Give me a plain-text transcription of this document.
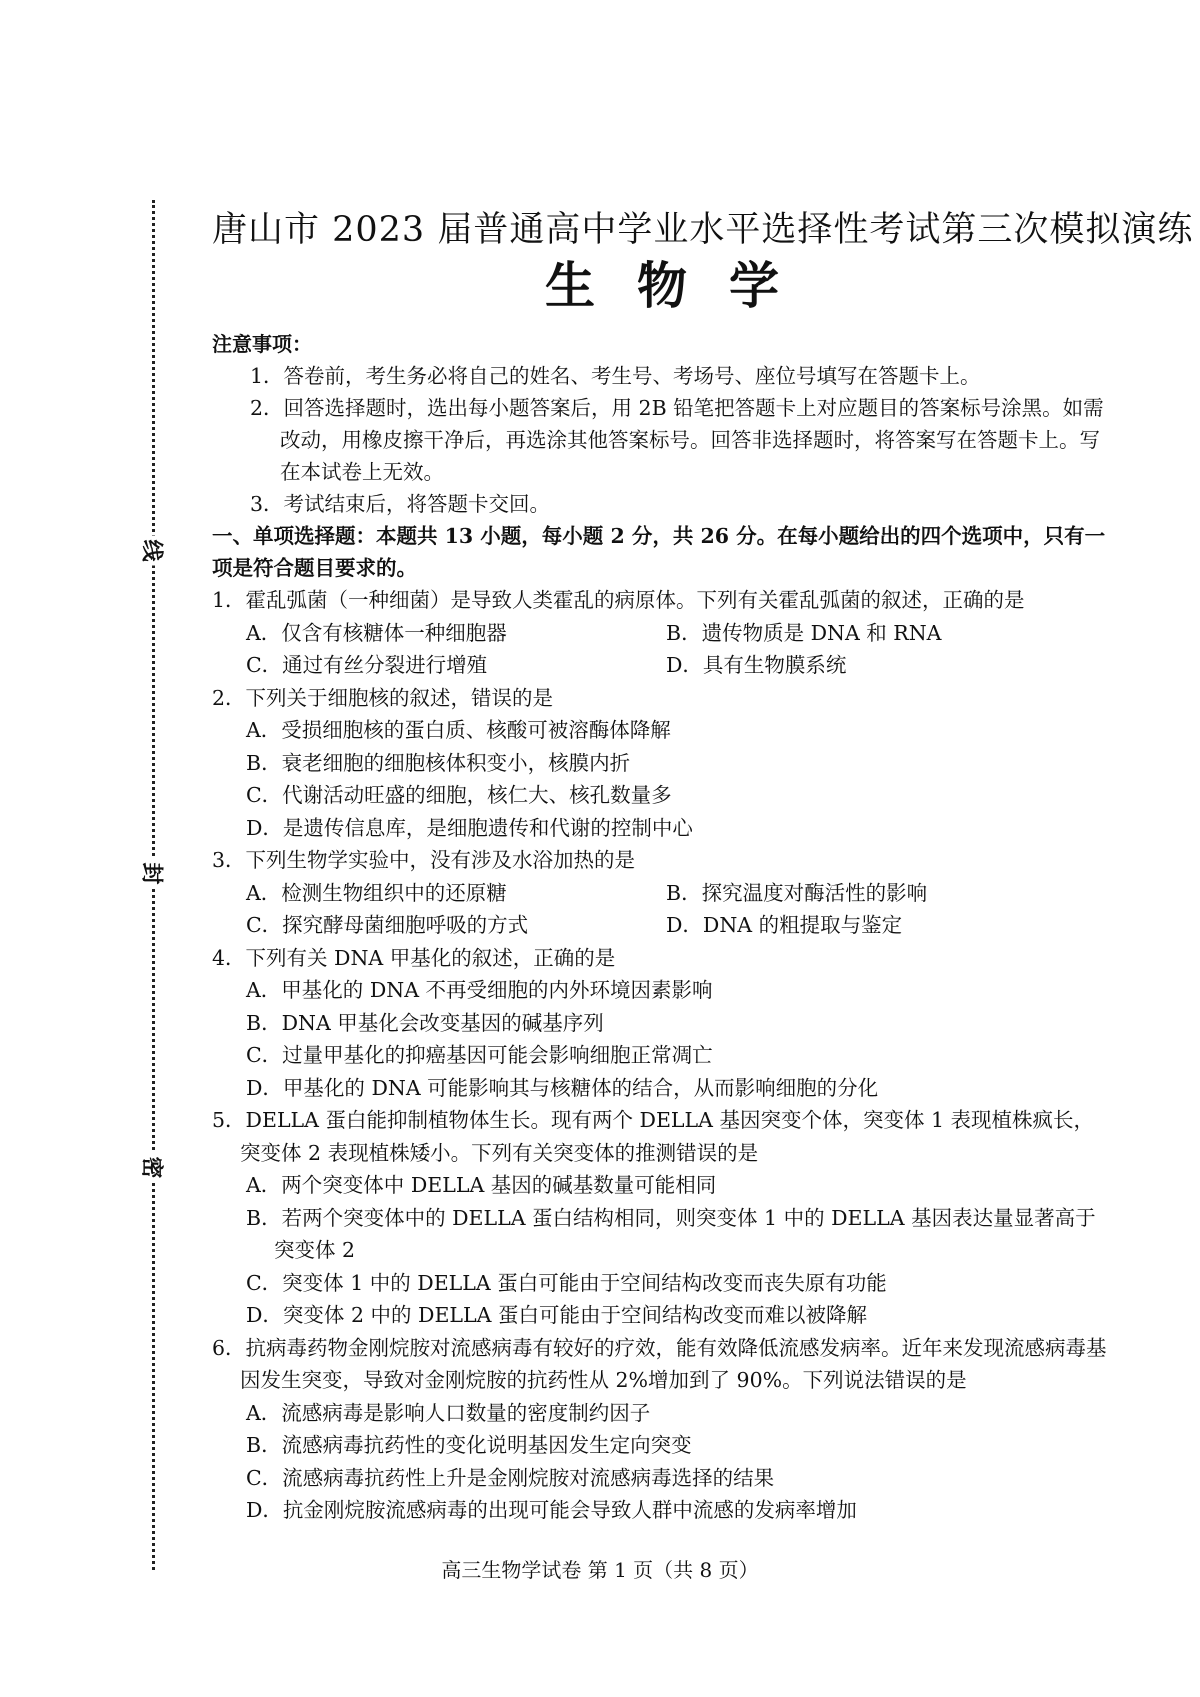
线
封
密
唐山市 2023 届普通高中学业水平选择性考试第三次模拟演练
生物学
注意事项：
1．答卷前，考生务必将自己的姓名、考生号、考场号、座位号填写在答题卡上。
2．回答选择题时，选出每小题答案后，用 2B 铅笔把答题卡上对应题目的答案标号涂黑。如需改动，用橡皮擦干净后，再选涂其他答案标号。回答非选择题时，将答案写在答题卡上。写在本试卷上无效。
3．考试结束后，将答题卡交回。
一、单项选择题：本题共 13 小题，每小题 2 分，共 26 分。在每小题给出的四个选项中，只有一项是符合题目要求的。
1．霍乱弧菌（一种细菌）是导致人类霍乱的病原体。下列有关霍乱弧菌的叙述，正确的是
A．仅含有核糖体一种细胞器	B．遗传物质是 DNA 和 RNA
C．通过有丝分裂进行增殖	D．具有生物膜系统
2．下列关于细胞核的叙述，错误的是
A．受损细胞核的蛋白质、核酸可被溶酶体降解
B．衰老细胞的细胞核体积变小，核膜内折
C．代谢活动旺盛的细胞，核仁大、核孔数量多
D．是遗传信息库，是细胞遗传和代谢的控制中心
3．下列生物学实验中，没有涉及水浴加热的是
A．检测生物组织中的还原糖	B．探究温度对酶活性的影响
C．探究酵母菌细胞呼吸的方式	D．DNA 的粗提取与鉴定
4．下列有关 DNA 甲基化的叙述，正确的是
A．甲基化的 DNA 不再受细胞的内外环境因素影响
B．DNA 甲基化会改变基因的碱基序列
C．过量甲基化的抑癌基因可能会影响细胞正常凋亡
D．甲基化的 DNA 可能影响其与核糖体的结合，从而影响细胞的分化
5．DELLA 蛋白能抑制植物体生长。现有两个 DELLA 基因突变个体，突变体 1 表现植株疯长，突变体 2 表现植株矮小。下列有关突变体的推测错误的是
A．两个突变体中 DELLA 基因的碱基数量可能相同
B．若两个突变体中的 DELLA 蛋白结构相同，则突变体 1 中的 DELLA 基因表达量显著高于突变体 2
C．突变体 1 中的 DELLA 蛋白可能由于空间结构改变而丧失原有功能
D．突变体 2 中的 DELLA 蛋白可能由于空间结构改变而难以被降解
6．抗病毒药物金刚烷胺对流感病毒有较好的疗效，能有效降低流感发病率。近年来发现流感病毒基因发生突变，导致对金刚烷胺的抗药性从 2%增加到了 90%。下列说法错误的是
A．流感病毒是影响人口数量的密度制约因子
B．流感病毒抗药性的变化说明基因发生定向突变
C．流感病毒抗药性上升是金刚烷胺对流感病毒选择的结果
D．抗金刚烷胺流感病毒的出现可能会导致人群中流感的发病率增加
高三生物学试卷 第 1 页（共 8 页）
